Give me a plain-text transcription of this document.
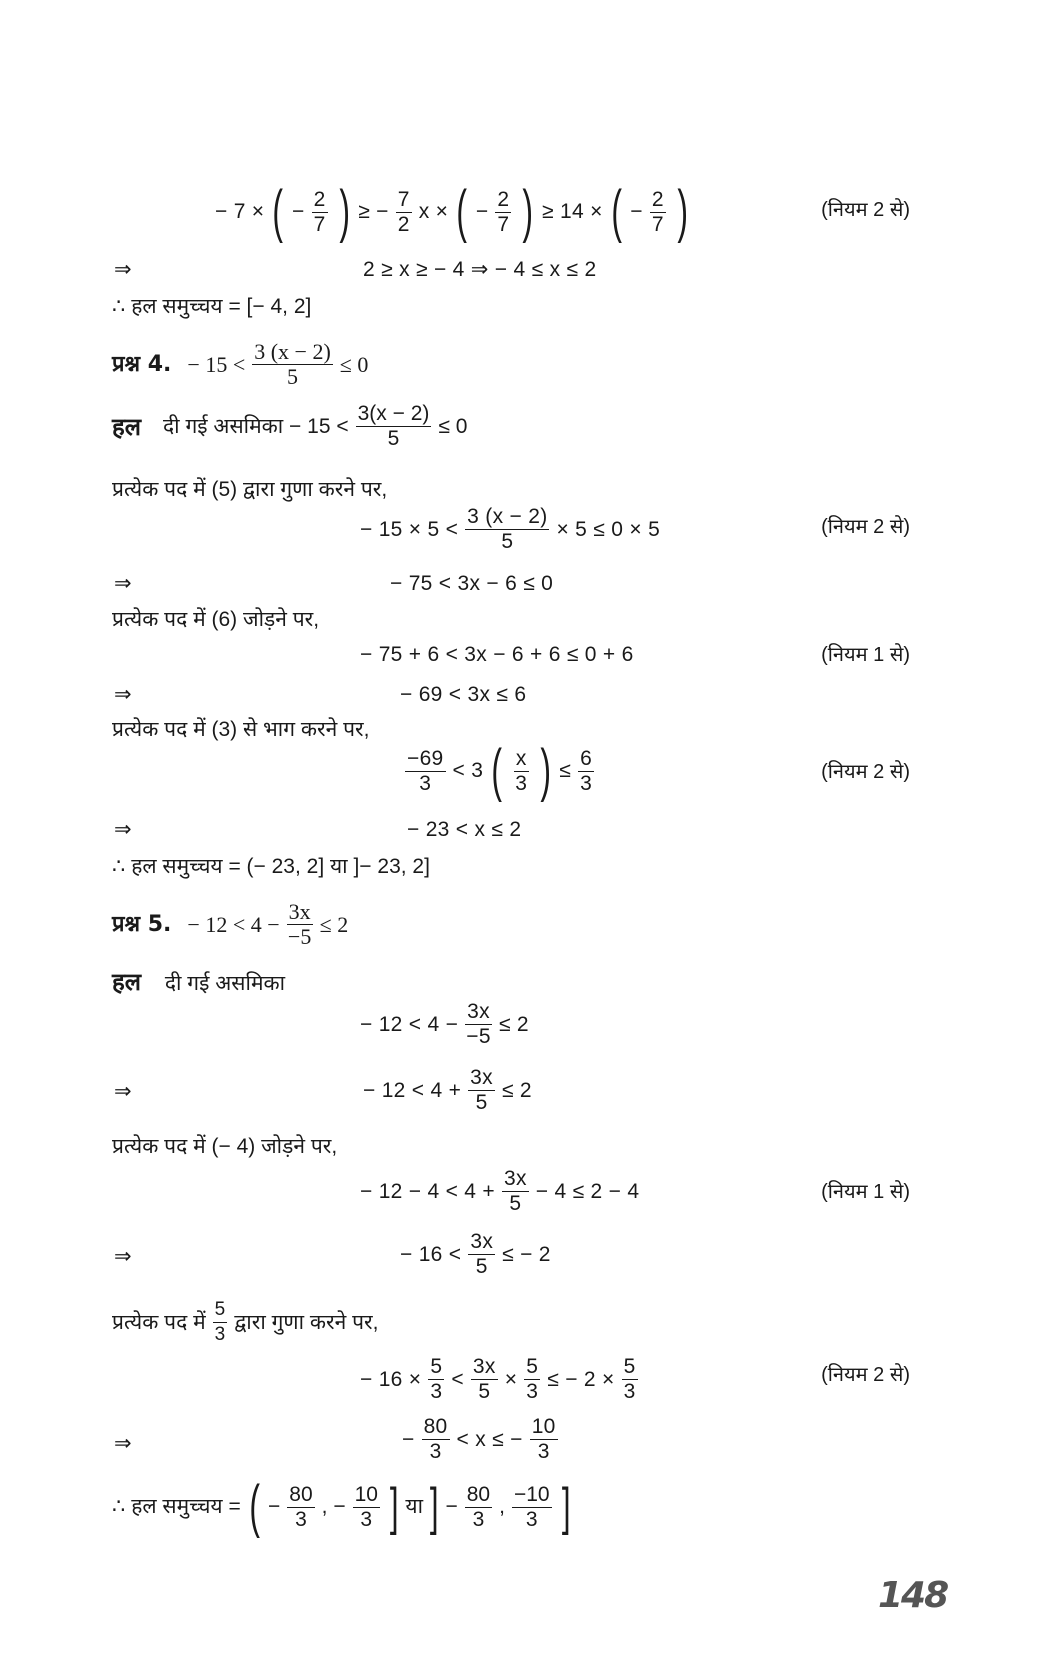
− 7 × ( − $\frac{2}{7}$ ) ≥ − $\frac{7}{2}$ x × ( − $\frac{2}{7}$ ) ≥ 14 × ( − $\frac{2}{7}$ )	(नियम 2 से)
⇒	2 ≥ x ≥ − 4 ⇒ − 4 ≤ x ≤ 2
∴ हल समुच्चय = [− 4, 2]
प्रश्न 4. − $15 < \frac{3 (x - 2)}{5} \le 0$
हल दी गई असमिका − $15 < \frac{3(x - 2)}{5} \le 0$
प्रत्येक पद में (5) द्वारा गुणा करने पर,
− $15 \times 5 < \frac{3 (x - 2)}{5} \times 5 \le 0 \times 5$	(नियम 2 से)
⇒	− 75 < 3x − 6 ≤ 0
प्रत्येक पद में (6) जोड़ने पर,
− 75 + 6 < 3x − 6 + 6 ≤ 0 + 6	(नियम 1 से)
⇒	− 69 < 3x ≤ 6
प्रत्येक पद में (3) से भाग करने पर,
$\frac{-69}{3} < 3$ ( $\frac{x}{3}$ ) ≤ $\frac{6}{3}$	(नियम 2 से)
⇒	− 23 < x ≤ 2
∴ हल समुच्चय = (− 23, 2] या ]− 23, 2]
प्रश्न 5. − $12 < 4 - \frac{3x}{-5} \le 2$
हल दी गई असमिका
− $12 < 4 - \frac{3x}{-5} \le 2$
⇒	− $12 < 4 + \frac{3x}{5} \le 2$
प्रत्येक पद में (− 4) जोड़ने पर,
− $12 - 4 < 4 + \frac{3x}{5} - 4 \le 2 - 4$	(नियम 1 से)
⇒	− $16 < \frac{3x}{5}$ ≤ − 2
प्रत्येक पद में $\frac{5}{3}$ द्वारा गुणा करने पर,
− $16 \times \frac{5}{3} < \frac{3x}{5} \times \frac{5}{3}$ ≤ − $2 \times \frac{5}{3}$	(नियम 2 से)
⇒	− $\frac{80}{3} < x$ ≤ − $\frac{10}{3}$
∴ हल समुच्चय = ( − $\frac{80}{3}$ , − $\frac{10}{3}$ ] या ] − $\frac{80}{3}$ , $\frac{-10}{3}$ ]
148
